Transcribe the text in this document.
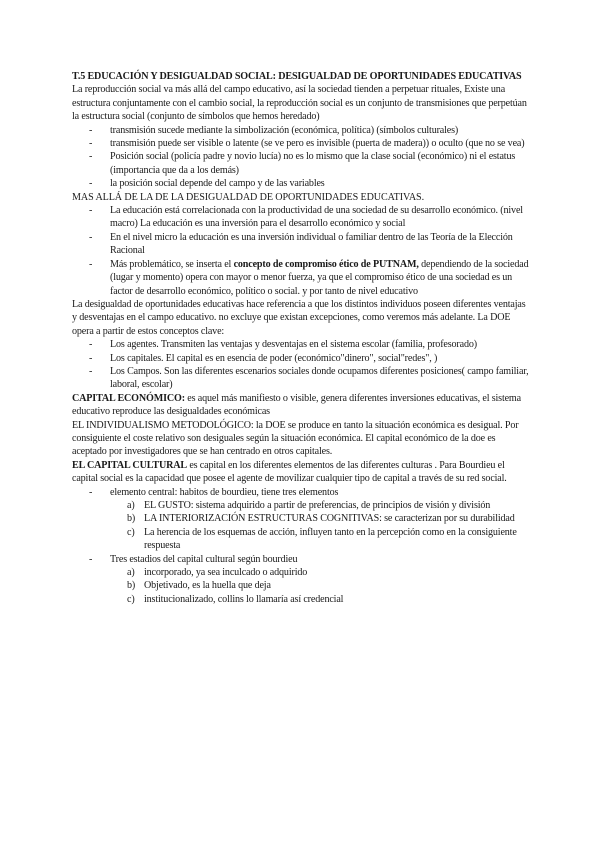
T.5 EDUCACIÓN Y DESIGUALDAD SOCIAL: DESIGUALDAD DE OPORTUNIDADES EDUCATIVAS

La reproducción social va más allá del campo educativo, así la sociedad tienden a perpetuar rituales, Existe una estructura conjuntamente con el cambio social, la reproducción social es un conjunto de transmisiones que perpetúan la estructura social (conjunto de símbolos que hemos heredado)

- transmisión sucede mediante la simbolización (económica, política) (símbolos culturales)
- transmisión puede ser visible o latente (se ve pero es invisible (puerta de madera)) o oculto (que no se vea)
- Posición social (policía padre y novio lucía) no es lo mismo que la clase social (económico) ni el estatus (importancia que da a los demás)
- la posición social depende del campo y de las variables

MAS ALLÁ DE LA DE LA DESIGUALDAD DE OPORTUNIDADES EDUCATIVAS.

- La educación está correlacionada con la productividad de una sociedad de su desarrollo económico. (nivel macro) La educación es una inversión para el desarrollo económico y social
- En el nivel micro la educación es una inversión individual o familiar dentro de las Teoría de la Elección Racional
- Más problemático, se inserta el concepto de compromiso ético de PUTNAM, dependiendo de la sociedad (lugar y momento) opera con mayor o menor fuerza, ya que el compromiso ético de una sociedad es un factor de desarrollo económico, político o social. y por tanto de nivel educativo

La desigualdad de oportunidades educativas hace referencia a que los distintos individuos poseen diferentes ventajas y desventajas en el campo educativo. no excluye que existan excepciones, como veremos más adelante. La DOE opera a partir de estos conceptos clave:

- Los agentes. Transmiten las ventajas y desventajas en el sistema escolar (familia, profesorado)
- Los capitales. El capital es en esencia de poder (económico"dinero", social"redes", )
- Los Campos. Son las diferentes escenarios sociales donde ocupamos diferentes posiciones( campo familiar, laboral, escolar)

CAPITAL ECONÓMICO: es aquel más manifiesto o visible, genera diferentes inversiones educativas, el sistema educativo reproduce las desigualdades económicas

EL INDIVIDUALISMO METODOLÓGICO: la DOE se produce en tanto la situación económica es desigual. Por consiguiente el coste relativo son desiguales según la situación económica. El capital económico de la doe es aceptado por investigadores que se han centrado en otros capitales.

EL CAPITAL CULTURAL es capital en los diferentes elementos de las diferentes culturas . Para Bourdieu el capital social es la capacidad que posee el agente de movilizar cualquier tipo de capital a través de su red social.

- elemento central: habitos de bourdieu, tiene tres elementos
a) EL GUSTO: sistema adquirido a partir de preferencias, de principios de visión y división
b) LA INTERIORIZACIÓN ESTRUCTURAS COGNITIVAS: se caracterizan por su durabilidad
c) La herencia de los esquemas de acción, influyen tanto en la percepción como en la consiguiente respuesta
- Tres estadios del capital cultural según bourdieu
a) incorporado, ya sea inculcado o adquirido
b) Objetivado, es la huella que deja
c) institucionalizado, collins lo llamaría así credencial
